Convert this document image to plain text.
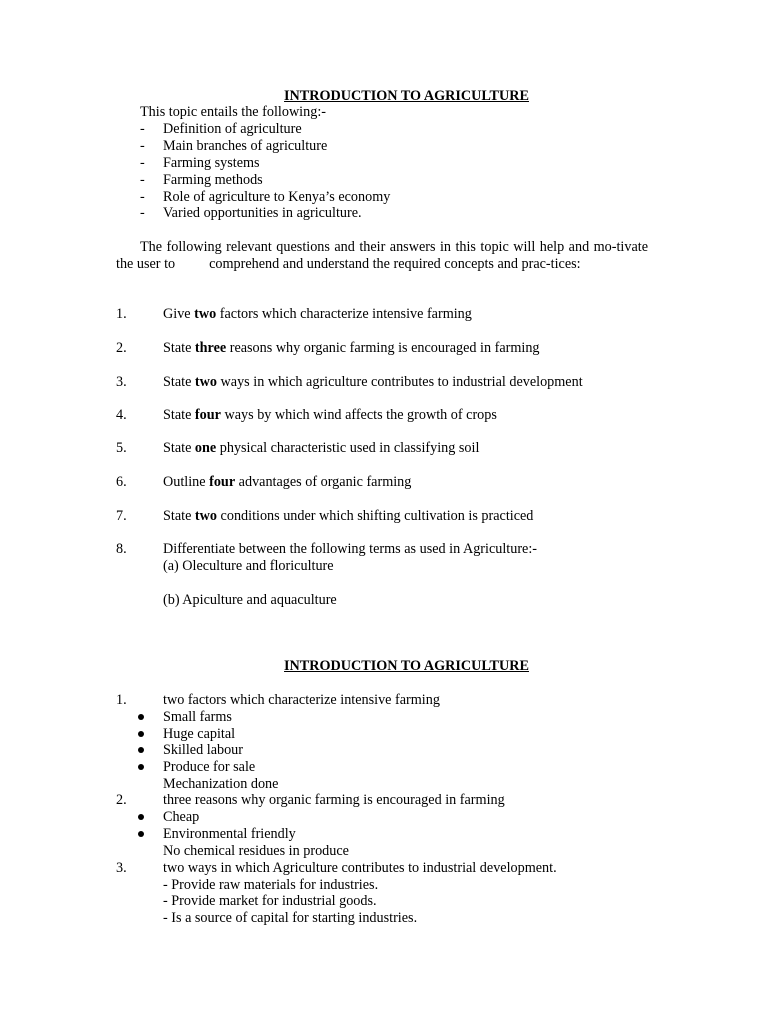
INTRODUCTION TO AGRICULTURE
This topic entails the following:-
- Definition of agriculture
- Main branches of agriculture
- Farming systems
- Farming methods
- Role of agriculture to Kenya’s economy
- Varied opportunities in agriculture.
The following relevant questions and their answers in this topic will help and mo-tivate the user to comprehend and understand the required concepts and prac-tices:
1.	Give two factors which characterize intensive farming
2.	State three reasons why organic farming is encouraged in farming
3.	State two ways in which agriculture contributes to industrial development
4.	State four ways by which wind affects the growth of crops
5.	State one physical characteristic used in classifying soil
6.	Outline four advantages of organic farming
7.	State two conditions under which shifting cultivation is practiced
8.	Differentiate between the following terms as used in Agriculture:-
(a) Oleculture and floriculture
(b) Apiculture and aquaculture
INTRODUCTION TO AGRICULTURE
1.	two factors which characterize intensive farming
Small farms
Huge capital
Skilled labour
Produce for sale
Mechanization done
2.	three reasons why organic farming is encouraged in farming
Cheap
Environmental friendly
No chemical residues in produce
3.	two ways in which Agriculture contributes to industrial development.
- Provide raw materials for industries.
- Provide market for industrial goods.
- Is a source of capital for starting industries.
